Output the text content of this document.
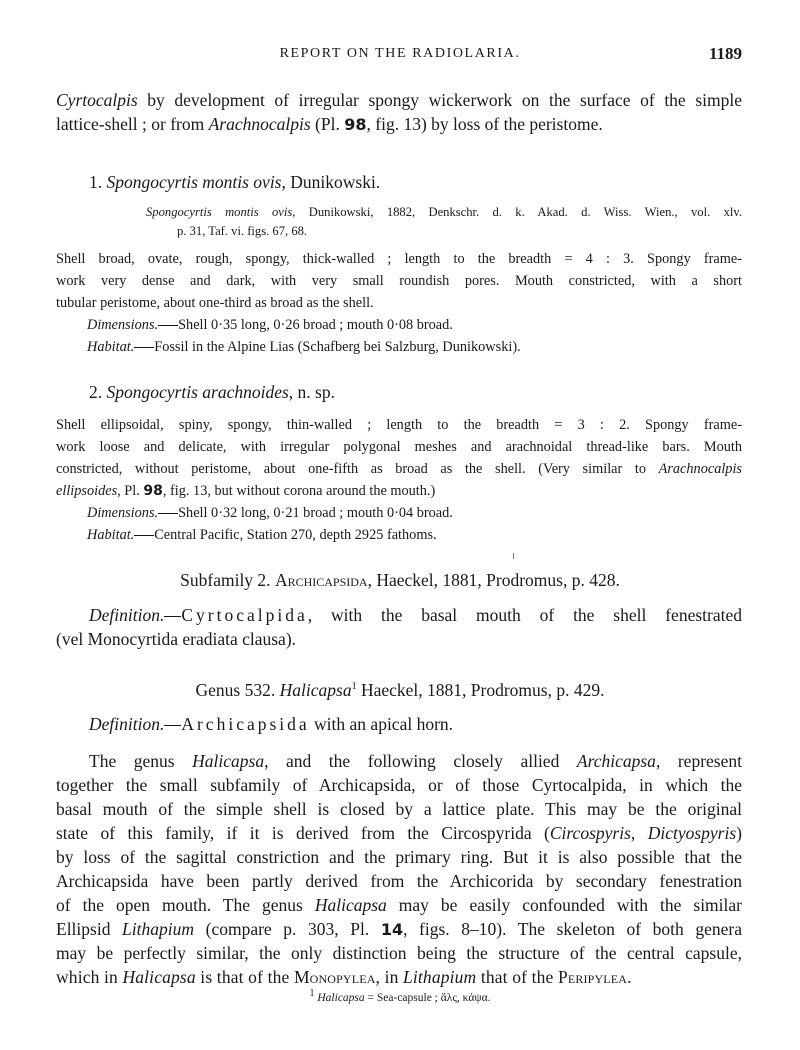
REPORT ON THE RADIOLARIA.	1189

Cyrtocalpis by development of irregular spongy wickerwork on the surface of the simple

lattice-shell ; or from Arachnocalpis (Pl. 98, fig. 13) by loss of the peristome.

1. Spongocyrtis montis ovis, Dunikowski.

Spongocyrtis montis ovis, Dunikowski, 1882, Denkschr. d. k. Akad. d. Wiss. Wien., vol. xlv.

p. 31, Taf. vi. figs. 67, 68.

Shell broad, ovate, rough, spongy, thick-walled ; length to the breadth = 4 : 3. Spongy frame-

work very dense and dark, with very small roundish pores. Mouth constricted, with a short

tubular peristome, about one-third as broad as the shell.

Dimensions. Shell 0·35 long, 0·26 broad ; mouth 0·08 broad.

Habitat. Fossil in the Alpine Lias (Schafberg bei Salzburg, Dunikowski).

2. Spongocyrtis arachnoides, n. sp.

Shell ellipsoidal, spiny, spongy, thin-walled ; length to the breadth = 3 : 2. Spongy frame-

work loose and delicate, with irregular polygonal meshes and arachnoidal thread-like bars. Mouth

constricted, without peristome, about one-fifth as broad as the shell. (Very similar to Arachnocalpis

ellipsoides, Pl. 98, fig. 13, but without corona around the mouth.)

Dimensions. Shell 0·32 long, 0·21 broad ; mouth 0·04 broad.

Habitat. Central Pacific, Station 270, depth 2925 fathoms.

Subfamily 2. Archicapsida, Haeckel, 1881, Prodromus, p. 428.

Definition. Cyrtocalpida, with the basal mouth of the shell fenestrated

(vel Monocyrtida eradiata clausa).

Genus 532. Halicapsa$^1$ Haeckel, 1881, Prodromus, p. 429.

Definition. Archicapsida with an apical horn.

The genus Halicapsa, and the following closely allied Archicapsa, represent

together the small subfamily of Archicapsida, or of those Cyrtocalpida, in which the

basal mouth of the simple shell is closed by a lattice plate. This may be the original

state of this family, if it is derived from the Circospyrida (Circospyris, Dictyospyris)

by loss of the sagittal constriction and the primary ring. But it is also possible that the

Archicapsida have been partly derived from the Archicorida by secondary fenestration

of the open mouth. The genus Halicapsa may be easily confounded with the similar

Ellipsid Lithapium (compare p. 303, Pl. 14, figs. 8–10). The skeleton of both genera

may be perfectly similar, the only distinction being the structure of the central capsule,

which in Halicapsa is that of the Monopylea, in Lithapium that of the Peripylea.

$^1$ Halicapsa = Sea-capsule ; ἅλς, κάψα.
